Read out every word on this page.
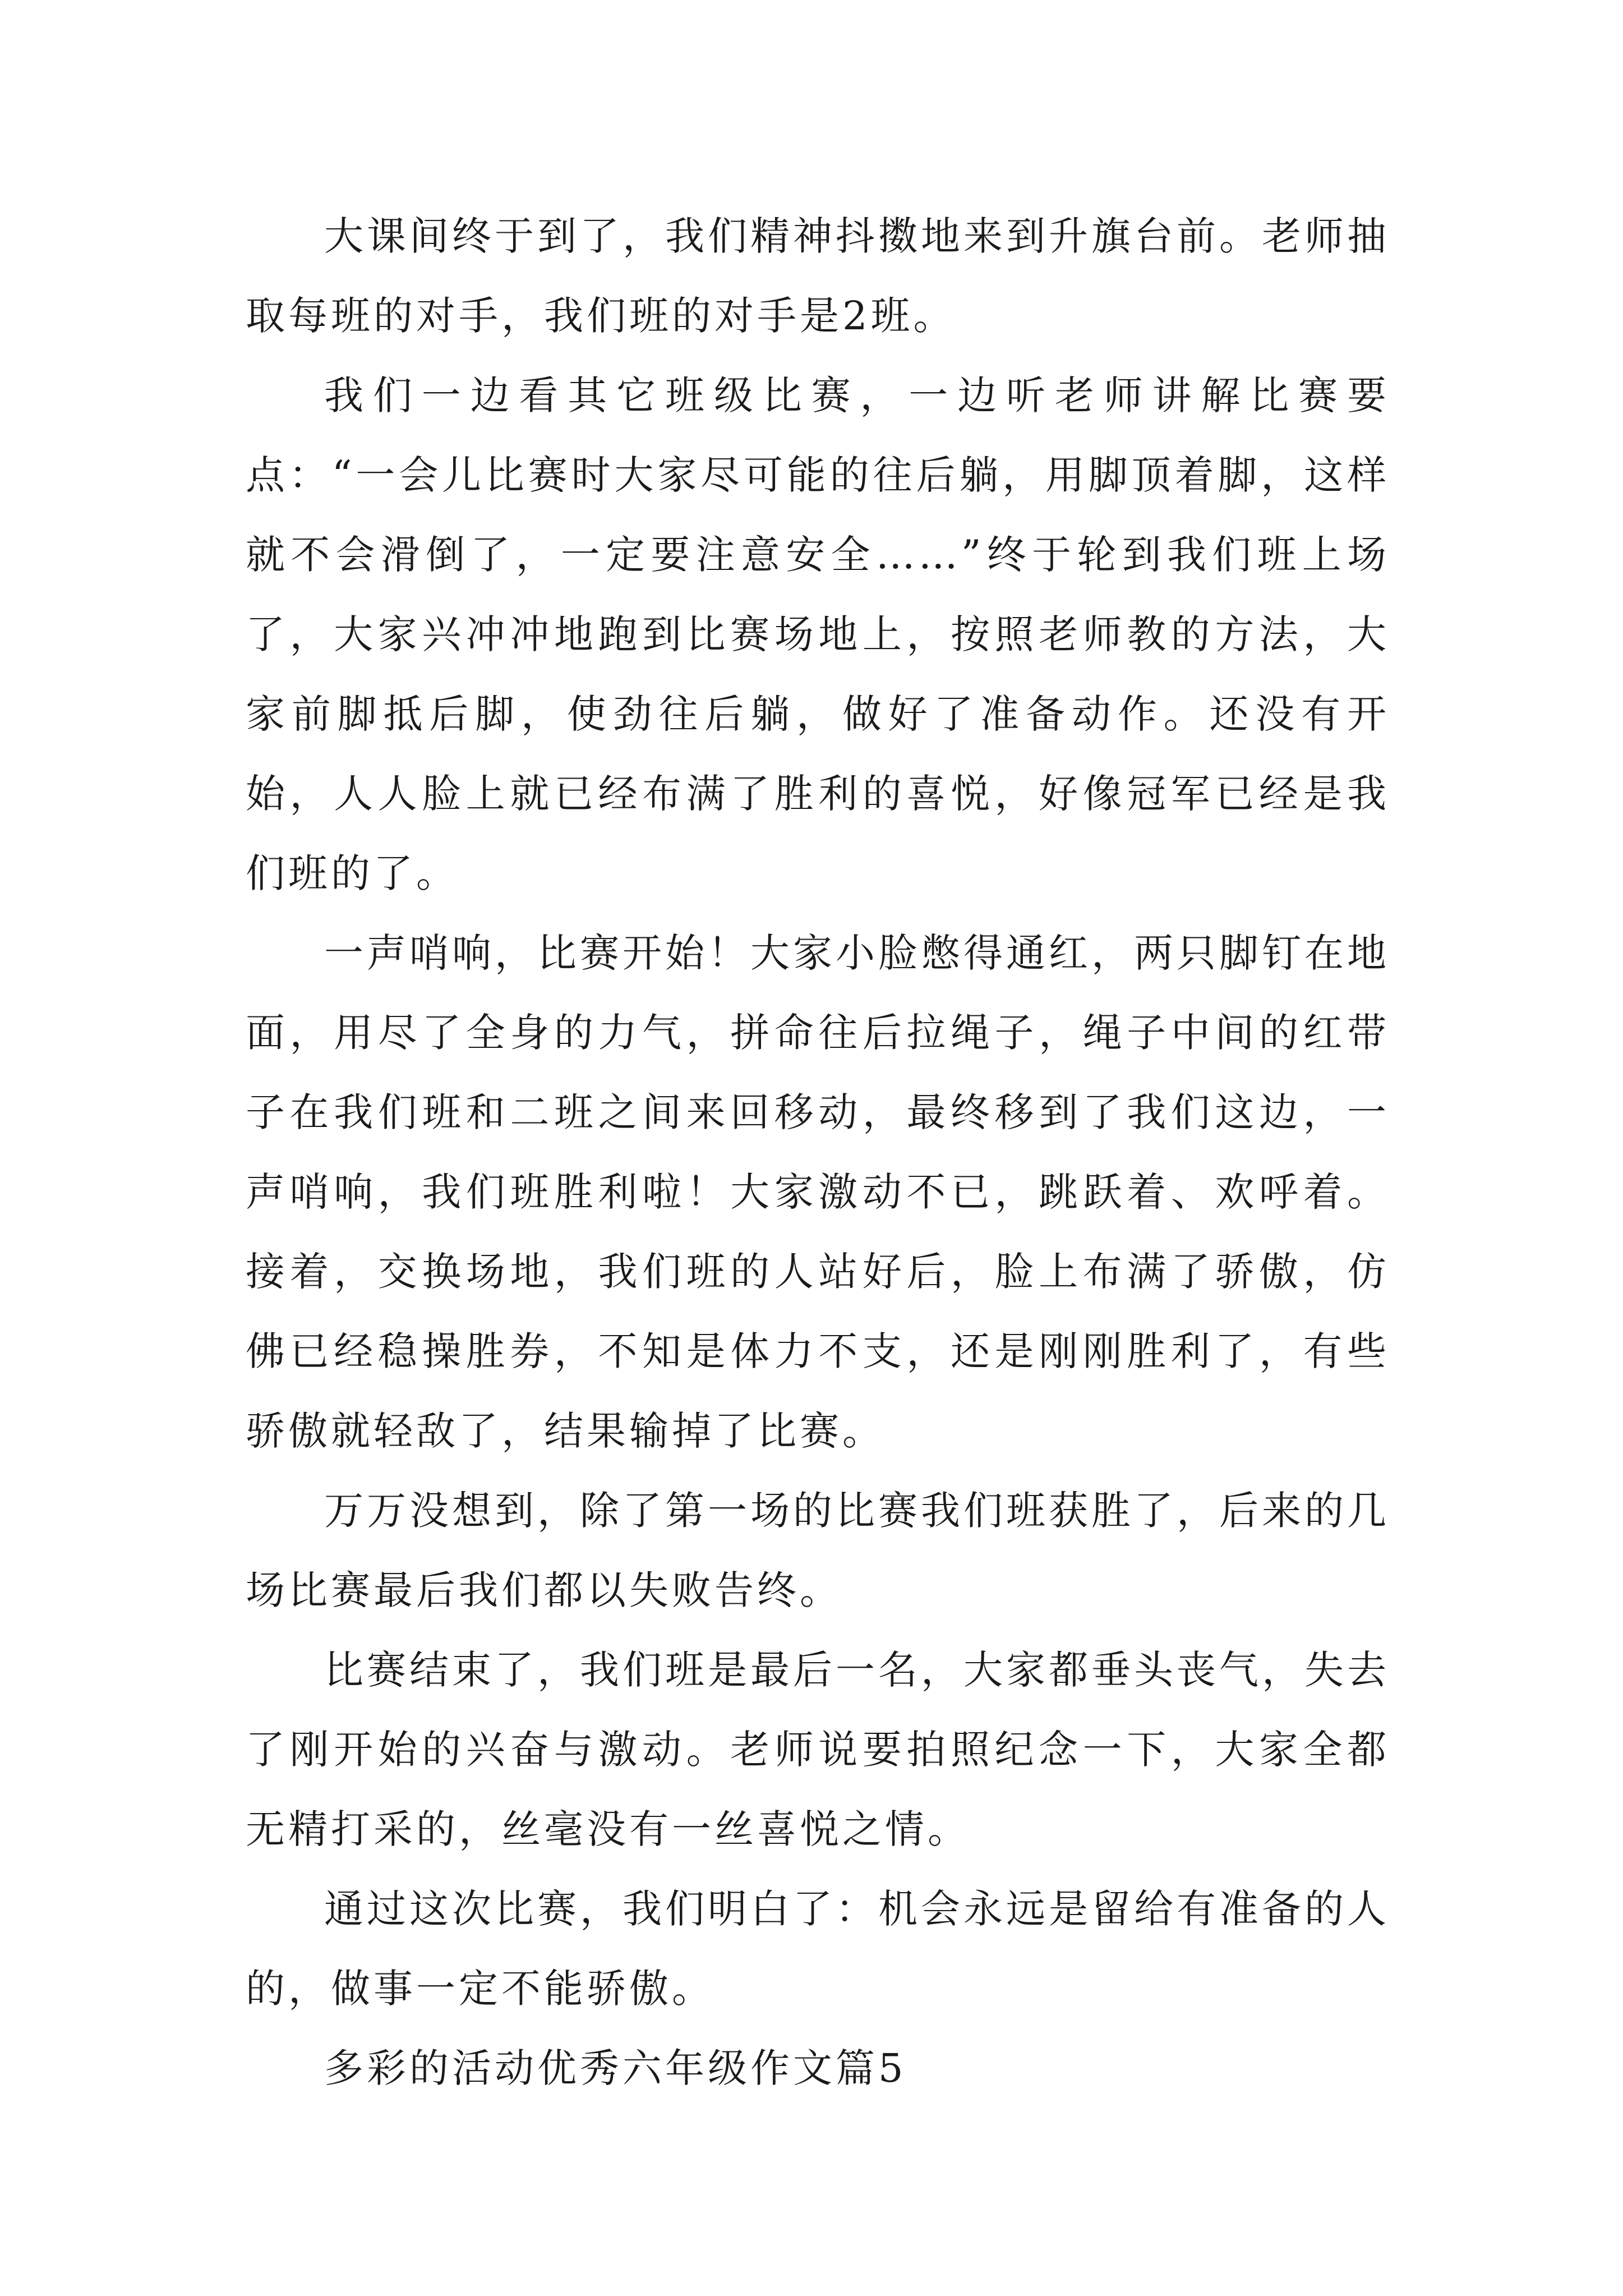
大课间终于到了，我们精神抖擞地来到升旗台前。老师抽取每班的对手，我们班的对手是2班。

我们一边看其它班级比赛，一边听老师讲解比赛要点：“一会儿比赛时大家尽可能的往后躺，用脚顶着脚，这样就不会滑倒了，一定要注意安全……”终于轮到我们班上场了，大家兴冲冲地跑到比赛场地上，按照老师教的方法，大家前脚抵后脚，使劲往后躺，做好了准备动作。还没有开始，人人脸上就已经布满了胜利的喜悦，好像冠军已经是我们班的了。

一声哨响，比赛开始！大家小脸憋得通红，两只脚钉在地面，用尽了全身的力气，拼命往后拉绳子，绳子中间的红带子在我们班和二班之间来回移动，最终移到了我们这边，一声哨响，我们班胜利啦！大家激动不已，跳跃着、欢呼着。接着，交换场地，我们班的人站好后，脸上布满了骄傲，仿佛已经稳操胜券，不知是体力不支，还是刚刚胜利了，有些骄傲就轻敌了，结果输掉了比赛。

万万没想到，除了第一场的比赛我们班获胜了，后来的几场比赛最后我们都以失败告终。

比赛结束了，我们班是最后一名，大家都垂头丧气，失去了刚开始的兴奋与激动。老师说要拍照纪念一下，大家全都无精打采的，丝毫没有一丝喜悦之情。

通过这次比赛，我们明白了：机会永远是留给有准备的人的，做事一定不能骄傲。

多彩的活动优秀六年级作文篇5
